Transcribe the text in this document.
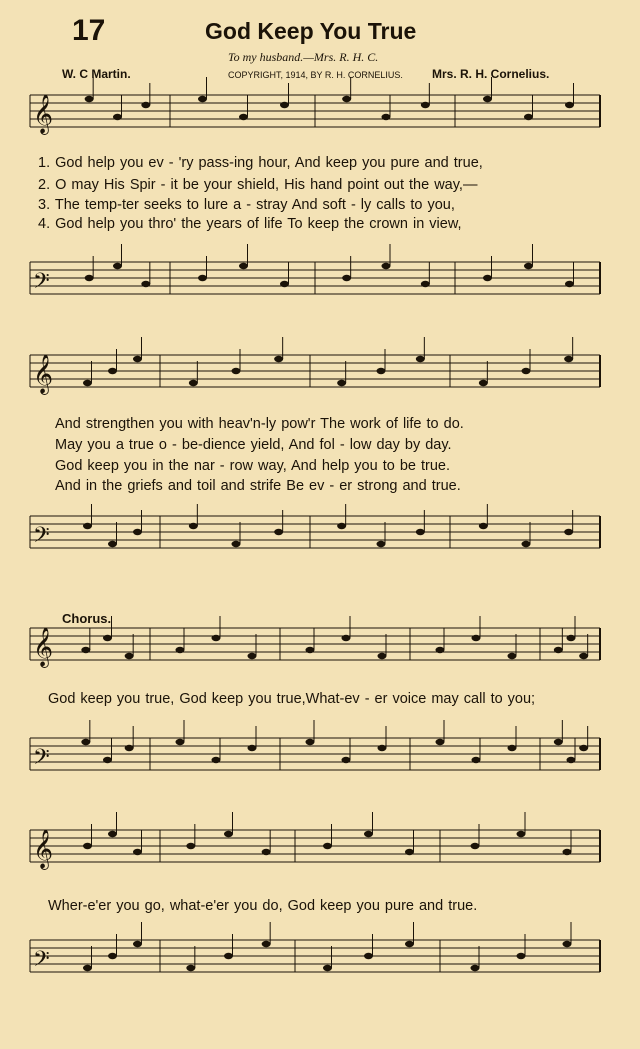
17	God Keep You True
To my husband.—Mrs. R. H. C.
W. C Martin.	COPYRIGHT, 1914, BY R. H. CORNELIUS. Mrs. R. H. Cornelius.
𝄞
𝄢
𝄞
𝄢
𝄞
𝄢
𝄞
𝄢
1. God help you ev - 'ry pass-ing hour, And keep you pure and true,
2. O may His Spir - it be your shield, His hand point out the way,—
3. The temp-ter seeks to lure a - stray And soft - ly calls to you,
4. God help you thro' the years of life To keep the crown in view,
And strengthen you with heav'n-ly pow'r The work of life to do.
May you a true o - be-dience yield, And fol - low day by day.
God keep you in the nar - row way, And help you to be true.
And in the griefs and toil and strife Be ev - er strong and true.
Chorus.
God keep you true, God keep you true,What-ev - er voice may call to you;
Wher-e'er you go, what-e'er you do, God keep you pure and true.
